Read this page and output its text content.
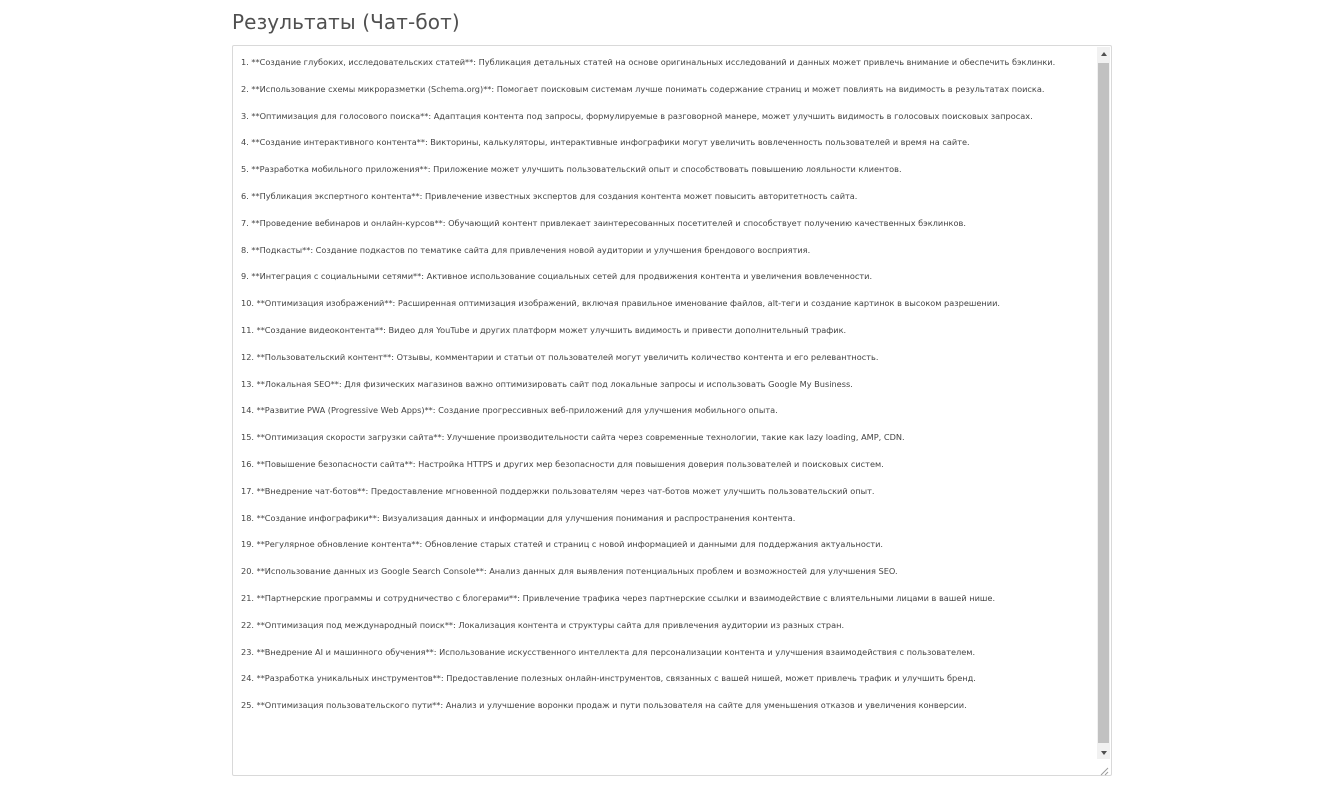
Результаты (Чат-бот)

1. **Создание глубоких, исследовательских статей**: Публикация детальных статей на основе оригинальных исследований и данных может привлечь внимание и обеспечить бэклинки.

2. **Использование схемы микроразметки (Schema.org)**: Помогает поисковым системам лучше понимать содержание страниц и может повлиять на видимость в результатах поиска.

3. **Оптимизация для голосового поиска**: Адаптация контента под запросы, формулируемые в разговорной манере, может улучшить видимость в голосовых поисковых запросах.

4. **Создание интерактивного контента**: Викторины, калькуляторы, интерактивные инфографики могут увеличить вовлеченность пользователей и время на сайте.

5. **Разработка мобильного приложения**: Приложение может улучшить пользовательский опыт и способствовать повышению лояльности клиентов.

6. **Публикация экспертного контента**: Привлечение известных экспертов для создания контента может повысить авторитетность сайта.

7. **Проведение вебинаров и онлайн-курсов**: Обучающий контент привлекает заинтересованных посетителей и способствует получению качественных бэклинков.

8. **Подкасты**: Создание подкастов по тематике сайта для привлечения новой аудитории и улучшения брендового восприятия.

9. **Интеграция с социальными сетями**: Активное использование социальных сетей для продвижения контента и увеличения вовлеченности.

10. **Оптимизация изображений**: Расширенная оптимизация изображений, включая правильное именование файлов, alt-теги и создание картинок в высоком разрешении.

11. **Создание видеоконтента**: Видео для YouTube и других платформ может улучшить видимость и привести дополнительный трафик.

12. **Пользовательский контент**: Отзывы, комментарии и статьи от пользователей могут увеличить количество контента и его релевантность.

13. **Локальная SEO**: Для физических магазинов важно оптимизировать сайт под локальные запросы и использовать Google My Business.

14. **Развитие PWA (Progressive Web Apps)**: Создание прогрессивных веб-приложений для улучшения мобильного опыта.

15. **Оптимизация скорости загрузки сайта**: Улучшение производительности сайта через современные технологии, такие как lazy loading, AMP, CDN.

16. **Повышение безопасности сайта**: Настройка HTTPS и других мер безопасности для повышения доверия пользователей и поисковых систем.

17. **Внедрение чат-ботов**: Предоставление мгновенной поддержки пользователям через чат-ботов может улучшить пользовательский опыт.

18. **Создание инфографики**: Визуализация данных и информации для улучшения понимания и распространения контента.

19. **Регулярное обновление контента**: Обновление старых статей и страниц с новой информацией и данными для поддержания актуальности.

20. **Использование данных из Google Search Console**: Анализ данных для выявления потенциальных проблем и возможностей для улучшения SEO.

21. **Партнерские программы и сотрудничество с блогерами**: Привлечение трафика через партнерские ссылки и взаимодействие с влиятельными лицами в вашей нише.

22. **Оптимизация под международный поиск**: Локализация контента и структуры сайта для привлечения аудитории из разных стран.

23. **Внедрение AI и машинного обучения**: Использование искусственного интеллекта для персонализации контента и улучшения взаимодействия с пользователем.

24. **Разработка уникальных инструментов**: Предоставление полезных онлайн-инструментов, связанных с вашей нишей, может привлечь трафик и улучшить бренд.

25. **Оптимизация пользовательского пути**: Анализ и улучшение воронки продаж и пути пользователя на сайте для уменьшения отказов и увеличения конверсии.
